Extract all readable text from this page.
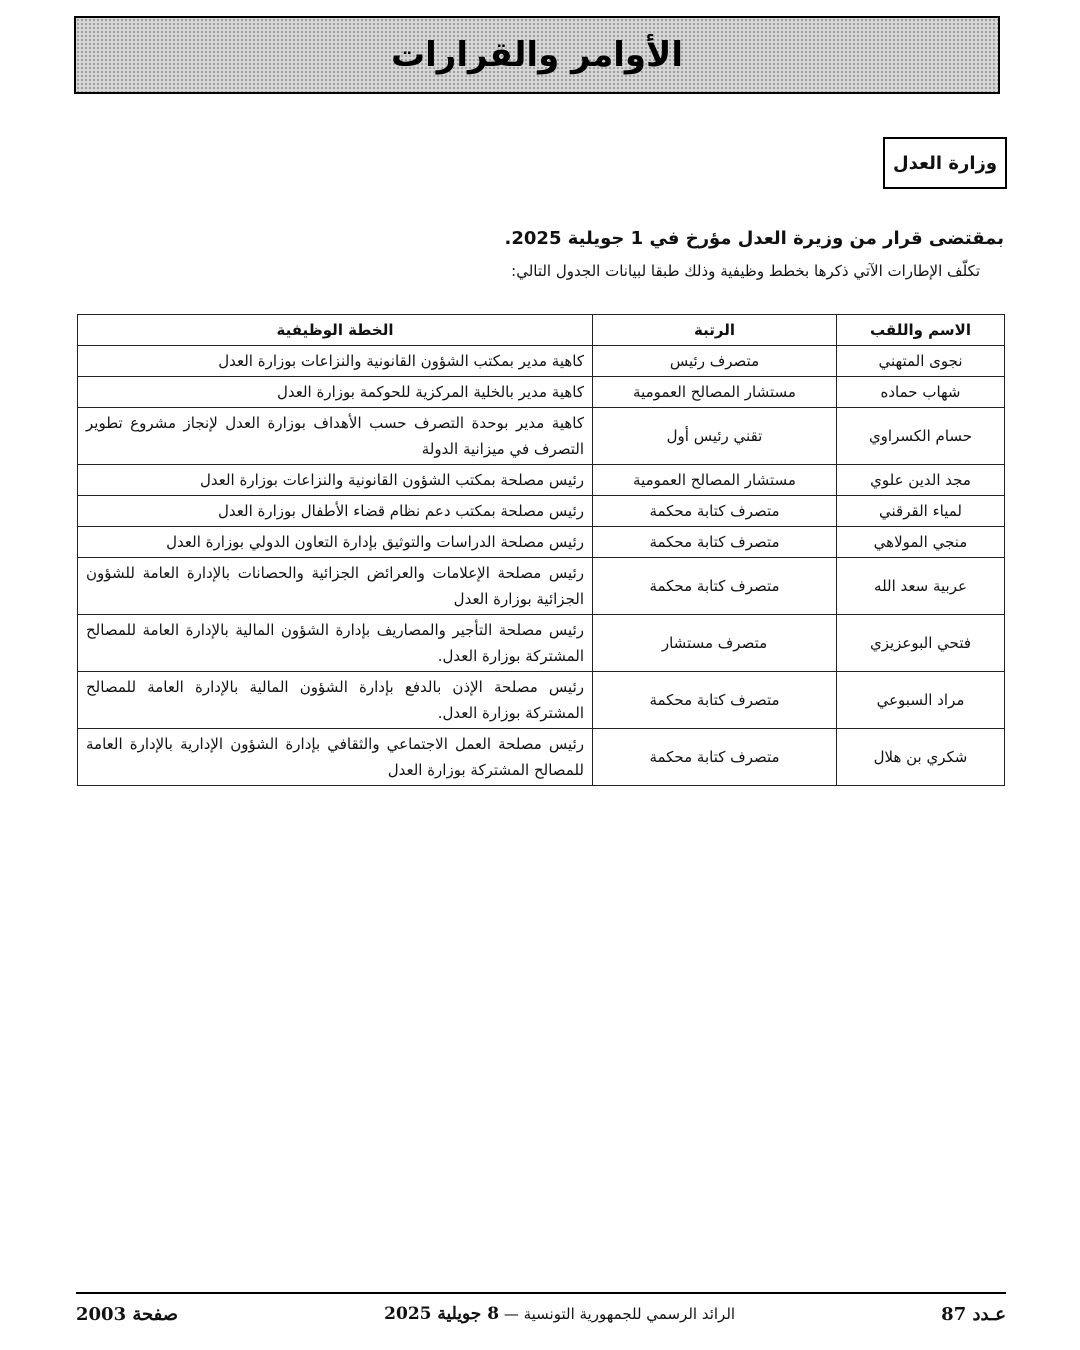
الأوامر والقرارات
وزارة العدل
بمقتضى قرار من وزيرة العدل مؤرخ في 1 جويلية 2025.
تكلّف الإطارات الآتي ذكرها بخطط وظيفية وذلك طبقا لبيانات الجدول التالي:
الاسم واللقب	الرتبة	الخطة الوظيفية
نجوى المتهني	متصرف رئيس	كاهية مدير بمكتب الشؤون القانونية والنزاعات بوزارة العدل
شهاب حماده	مستشار المصالح العمومية	كاهية مدير بالخلية المركزية للحوكمة بوزارة العدل
حسام الكسراوي	تقني رئيس أول	كاهية مدير بوحدة التصرف حسب الأهداف بوزارة العدل لإنجاز مشروع تطوير التصرف في ميزانية الدولة
مجد الدين علوي	مستشار المصالح العمومية	رئيس مصلحة بمكتب الشؤون القانونية والنزاعات بوزارة العدل
لمياء القرقني	متصرف كتابة محكمة	رئيس مصلحة بمكتب دعم نظام قضاء الأطفال بوزارة العدل
منجي المولاهي	متصرف كتابة محكمة	رئيس مصلحة الدراسات والتوثيق بإدارة التعاون الدولي بوزارة العدل
عربية سعد الله	متصرف كتابة محكمة	رئيس مصلحة الإعلامات والعرائض الجزائية والحصانات بالإدارة العامة للشؤون الجزائية بوزارة العدل
فتحي البوعزيزي	متصرف مستشار	رئيس مصلحة التأجير والمصاريف بإدارة الشؤون المالية بالإدارة العامة للمصالح المشتركة بوزارة العدل.
مراد السبوعي	متصرف كتابة محكمة	رئيس مصلحة الإذن بالدفع بإدارة الشؤون المالية بالإدارة العامة للمصالح المشتركة بوزارة العدل.
شكري بن هلال	متصرف كتابة محكمة	رئيس مصلحة العمل الاجتماعي والثقافي بإدارة الشؤون الإدارية بالإدارة العامة للمصالح المشتركة بوزارة العدل
صفحة 2003	الرائد الرسمي للجمهورية التونسية — 8 جويلية 2025	عـدد 87
